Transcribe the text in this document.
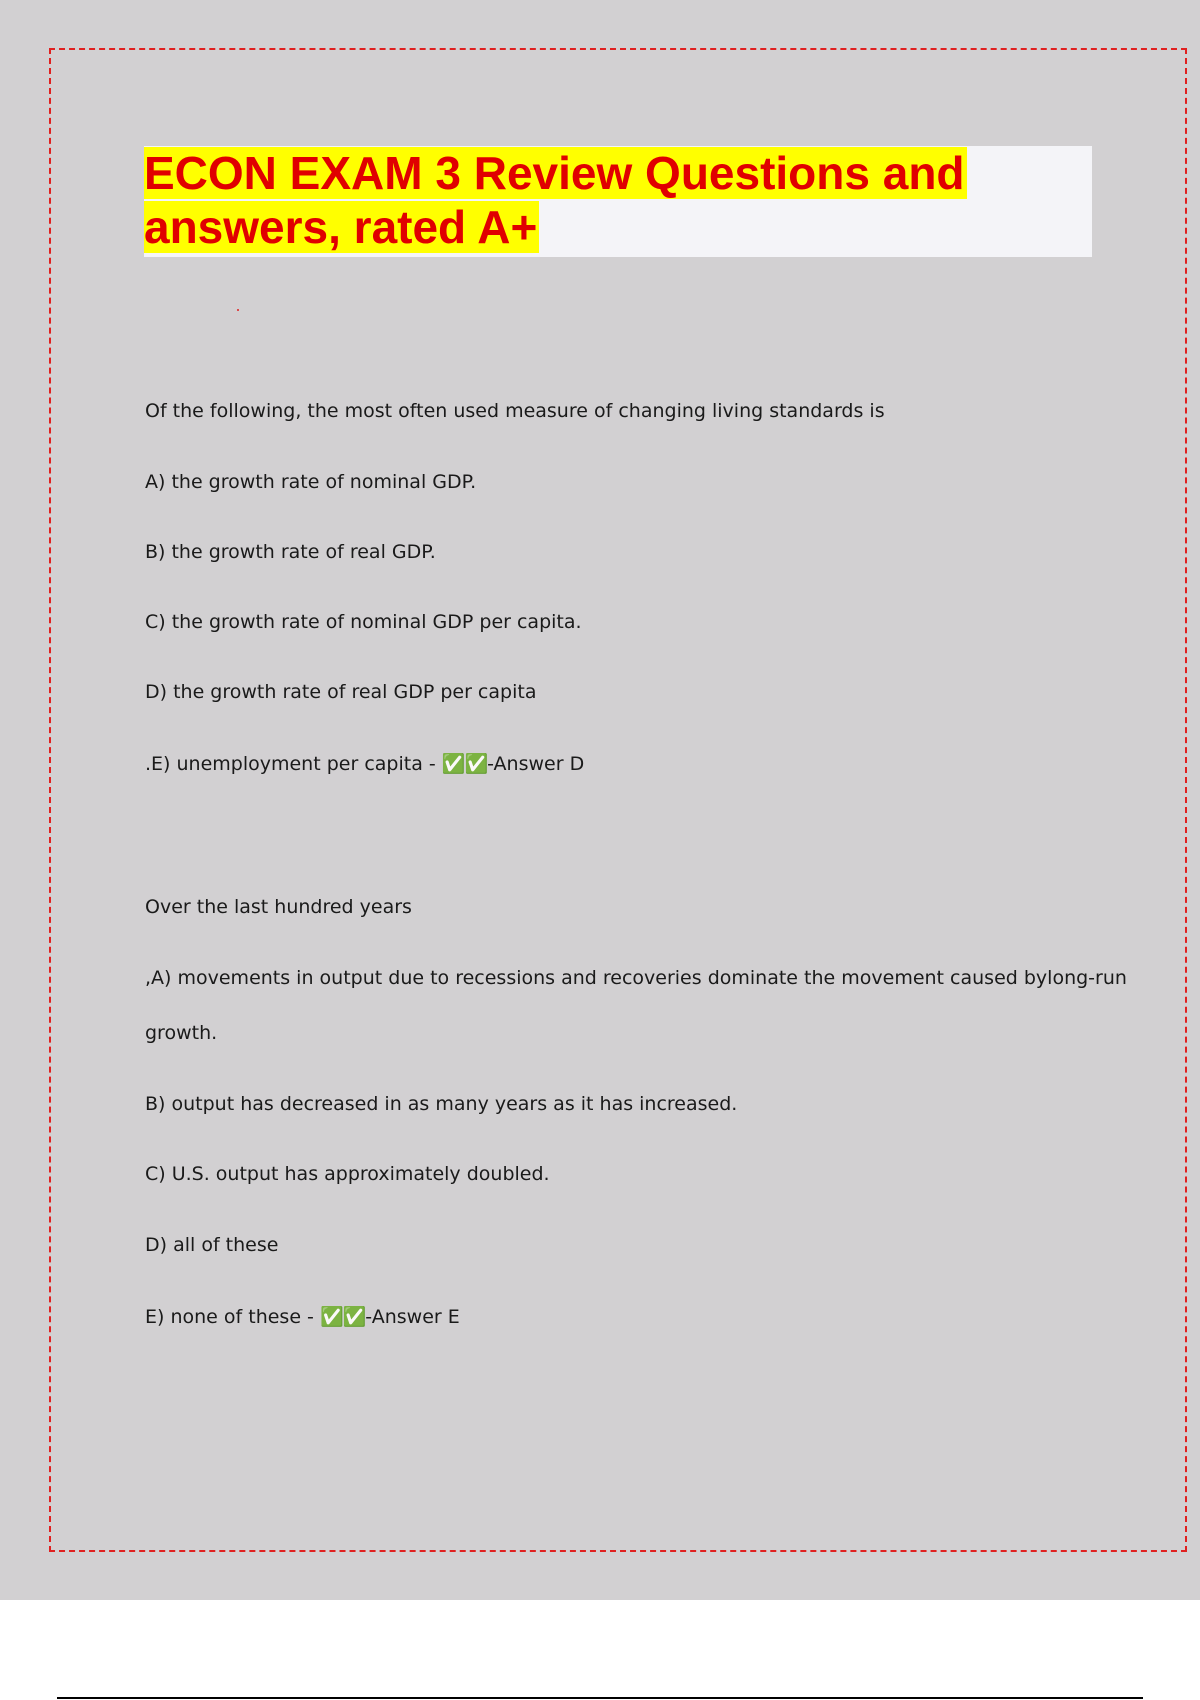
ECON EXAM 3 Review Questions and answers, rated A+
Of the following, the most often used measure of changing living standards is
A) the growth rate of nominal GDP.
B) the growth rate of real GDP.
C) the growth rate of nominal GDP per capita.
D) the growth rate of real GDP per capita
.E) unemployment per capita - ✅✅-Answer D
Over the last hundred years
,A) movements in output due to recessions and recoveries dominate the movement caused bylong-run
growth.
B) output has decreased in as many years as it has increased.
C) U.S. output has approximately doubled.
D) all of these
E) none of these - ✅✅-Answer E
